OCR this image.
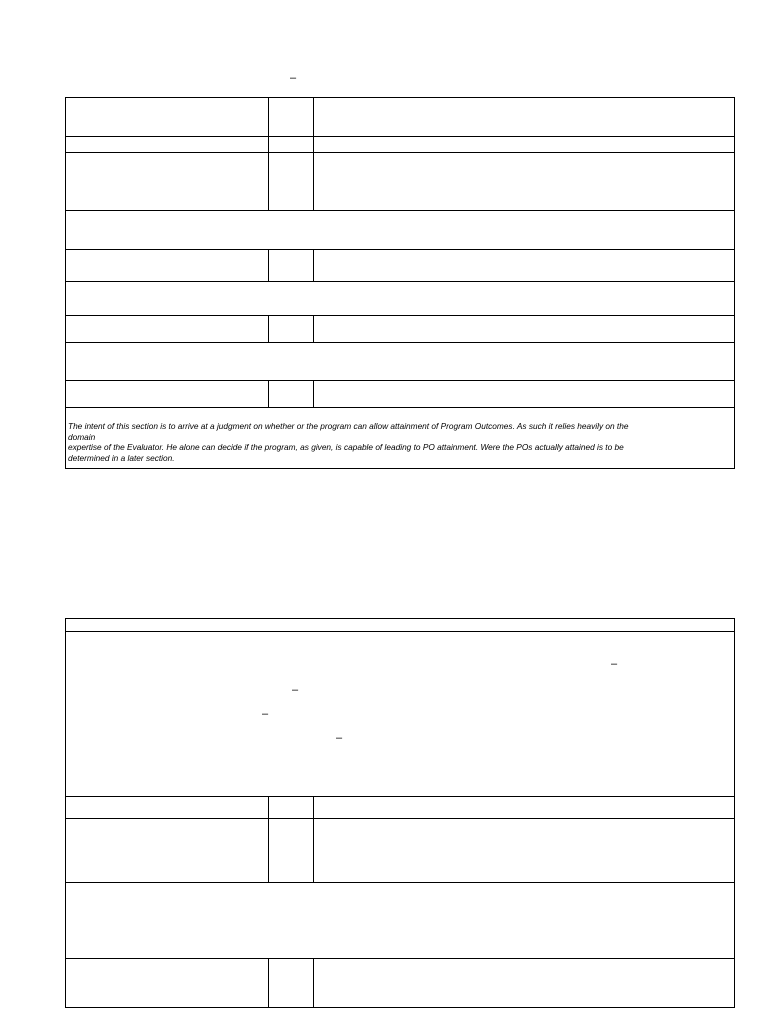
–

The intent of this section is to arrive at a judgment on whether or the program can allow attainment of Program Outcomes. As such it relies heavily on the
domain
expertise of the Evaluator. He alone can decide if the program, as given, is capable of leading to PO attainment. Were the POs actually attained is to be
determined in a later section.		

–
–
–
–
